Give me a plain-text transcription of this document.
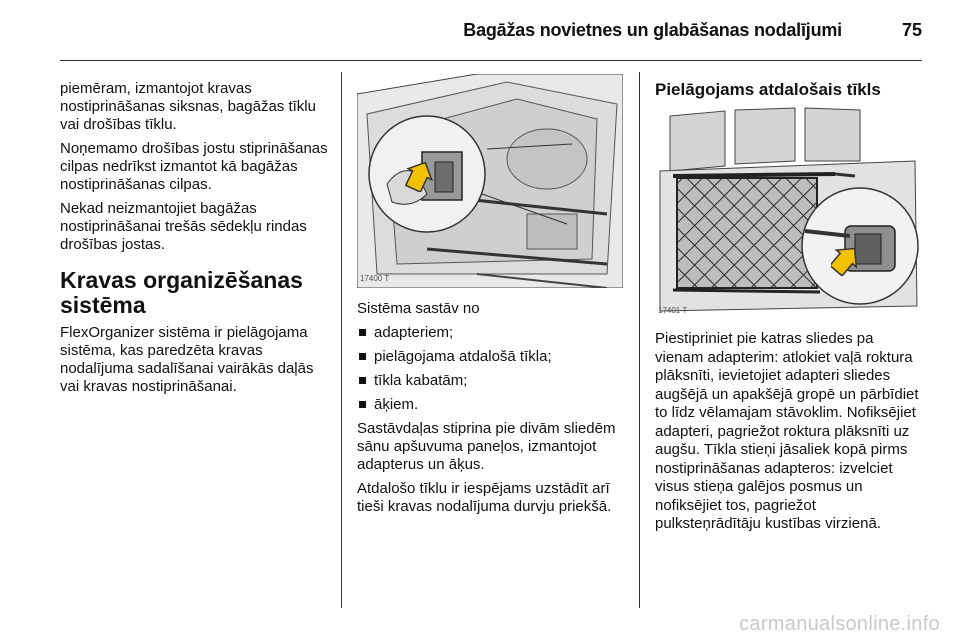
Bagāžas novietnes un glabāšanas nodalījumi	75

piemēram, izmantojot kravas nostiprināšanas siksnas, bagāžas tīklu vai drošības tīklu.

Noņemamo drošības jostu stiprināšanas cilpas nedrīkst izmantot kā bagāžas nostiprināšanas cilpas.

Nekad neizmantojiet bagāžas nostiprināšanai trešās sēdekļu rindas drošības jostas.

Kravas organizēšanas sistēma

FlexOrganizer sistēma ir pielāgojama sistēma, kas paredzēta kravas nodalījuma sadalīšanai vairākās daļās vai kravas nostiprināšanai.

17400 T

Sistēma sastāv no

adapteriem;
pielāgojama atdalošā tīkla;
tīkla kabatām;
āķiem.

Sastāvdaļas stiprina pie divām sliedēm sānu apšuvuma paneļos, izmantojot adapterus un āķus.

Atdalošo tīklu ir iespējams uzstādīt arī tieši kravas nodalījuma durvju priekšā.

Pielāgojams atdalošais tīkls
17401 T

Piestipriniet pie katras sliedes pa vienam adapterim: atlokiet vaļā roktura plāksnīti, ievietojiet adapteri sliedes augšējā un apakšējā gropē un pārbīdiet to līdz vēlamajam stāvoklim. Nofiksējiet adapteri, pagriežot roktura plāksnīti uz augšu. Tīkla stieņi jāsaliek kopā pirms nostiprināšanas adapteros: izvelciet visus stieņa galējos posmus un nofiksējiet tos, pagriežot pulksteņrādītāju kustības virzienā.

carmanualsonline.info
